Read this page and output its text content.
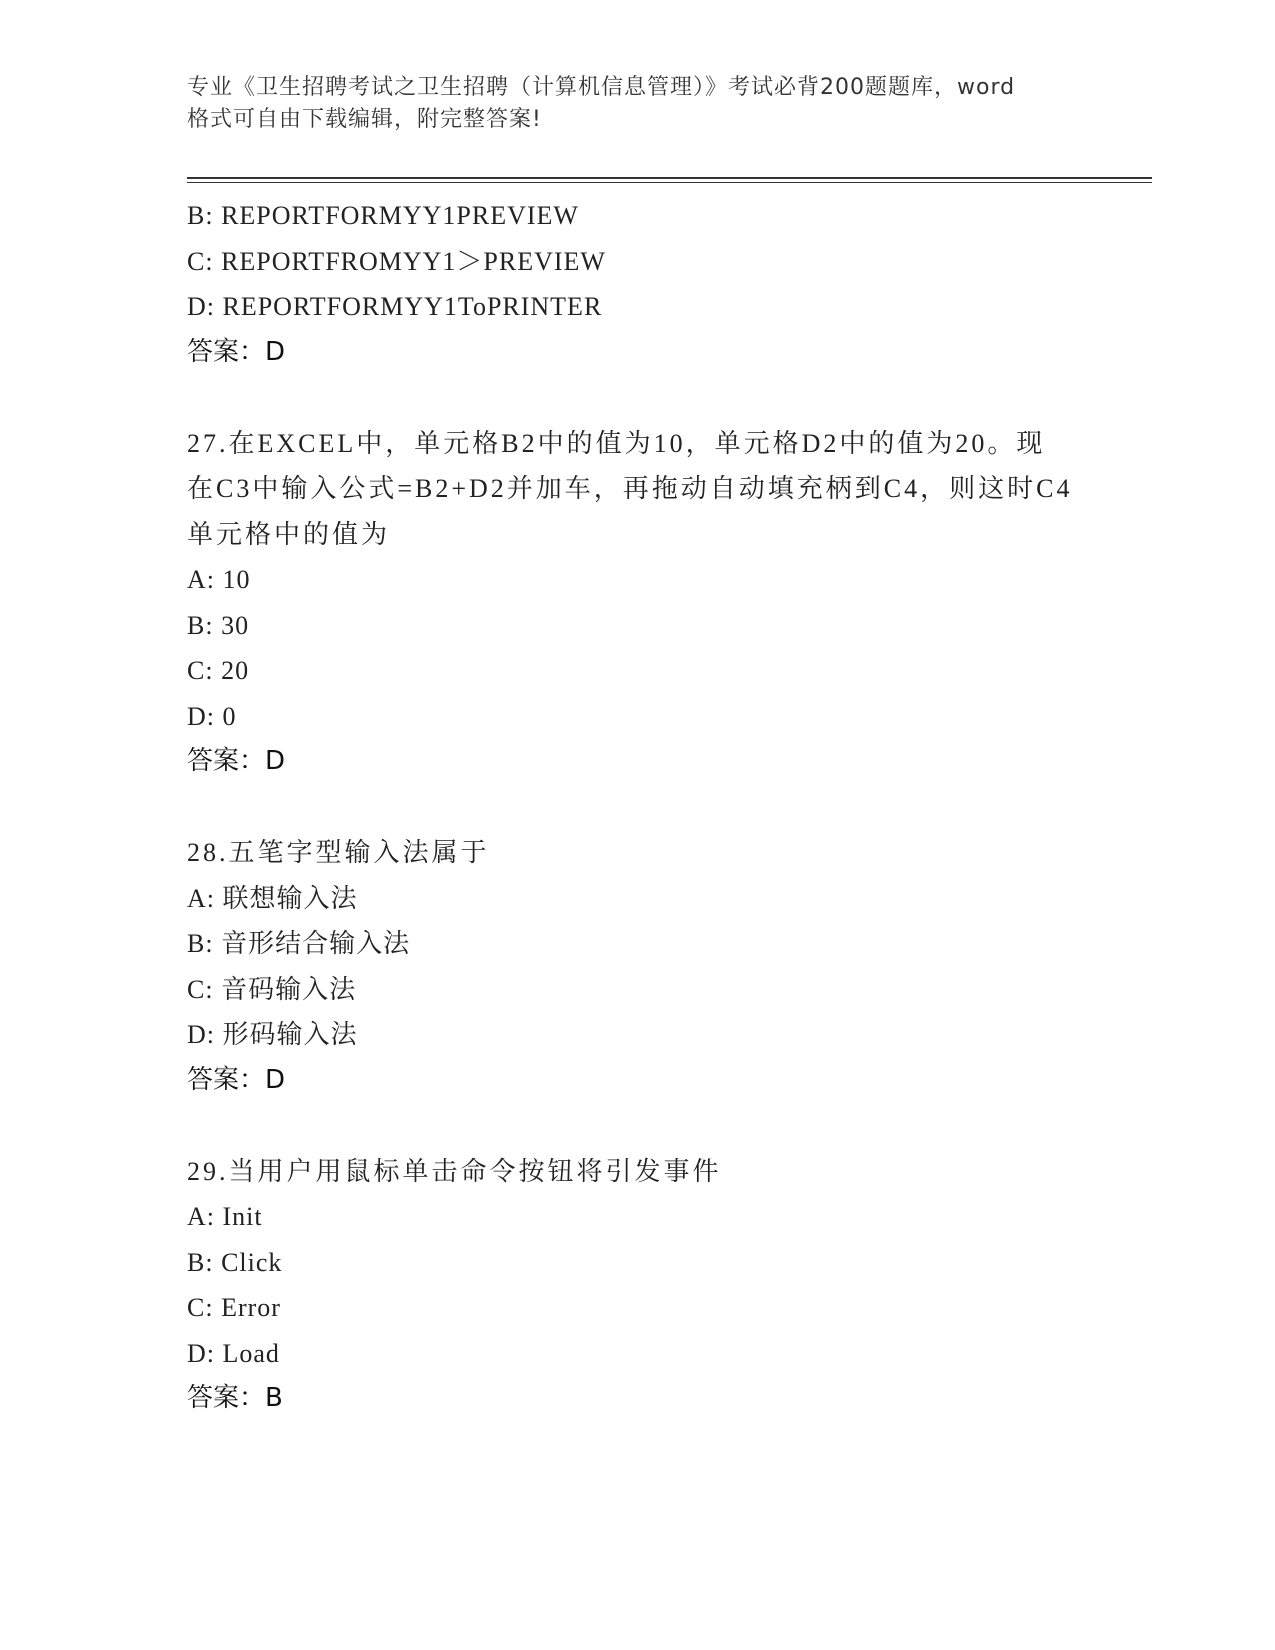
专业《卫生招聘考试之卫生招聘（计算机信息管理）》考试必背200题题库，word
格式可自由下载编辑，附完整答案!
B: REPORTFORMYY1PREVIEW
C: REPORTFROMYY1＞PREVIEW
D: REPORTFORMYY1ToPRINTER
答案：D
27.在EXCEL中，单元格B2中的值为10，单元格D2中的值为20。现
在C3中输入公式=B2+D2并加车，再拖动自动填充柄到C4，则这时C4
单元格中的值为
A: 10
B: 30
C: 20
D: 0
答案：D
28.五笔字型输入法属于
A: 联想输入法
B: 音形结合输入法
C: 音码输入法
D: 形码输入法
答案：D
29.当用户用鼠标单击命令按钮将引发事件
A: Init
B: Click
C: Error
D: Load
答案：B
